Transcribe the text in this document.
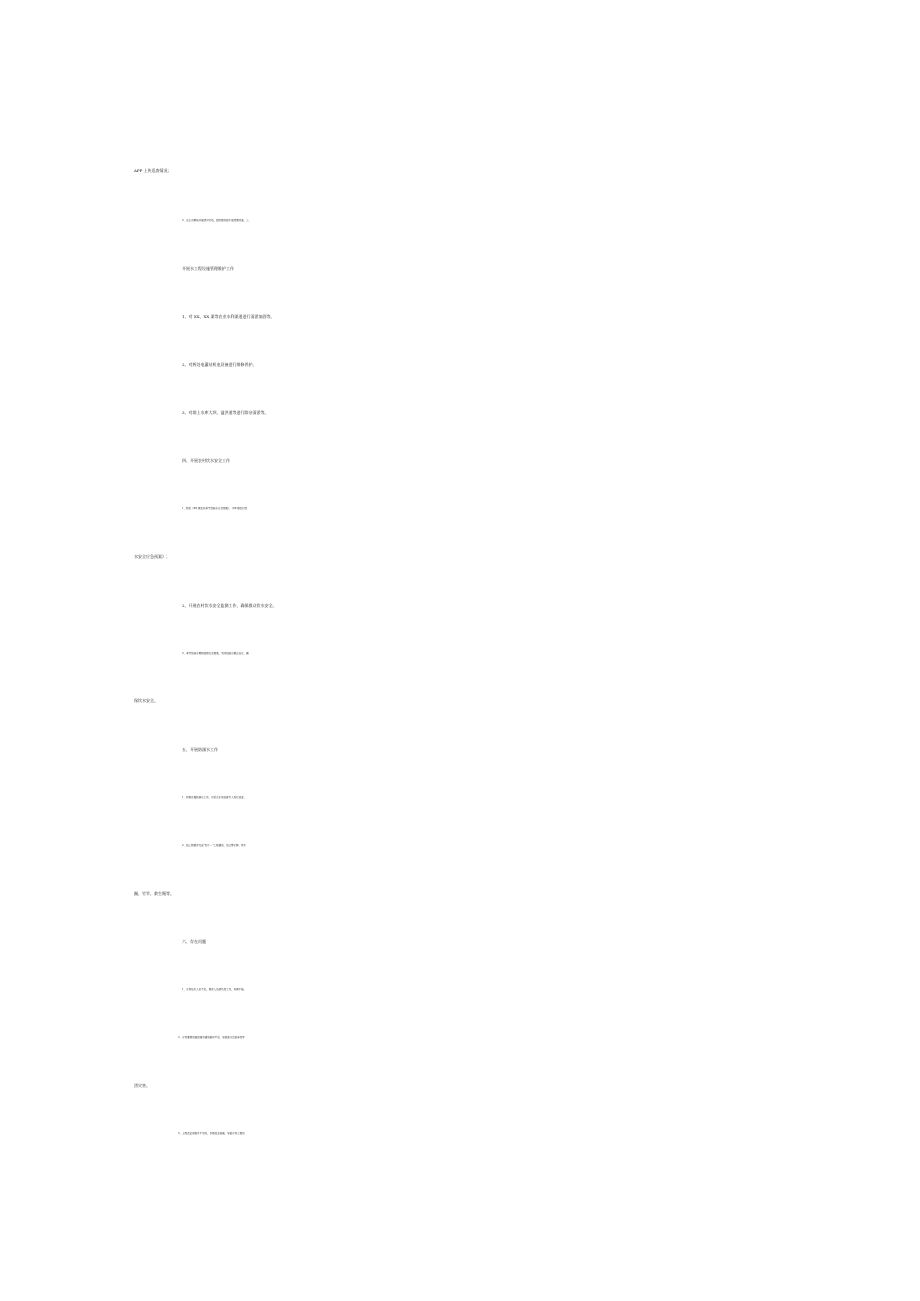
APP 上传巡查情况；

3、在主汛期前开展清河行动，组织镇村组干部清理河道。三、

开展水工程设施管理维护工作

1、对 XX、XX 渠等农业水利渠道进行清淤加固等。

2、对两处电灌站机电设备进行维修养护。

3、对坳上水库大坝、溢洪道等进行除杂清淤等。

四、开展农村饮水安全工作

1、制定《XX 镇农村季节性缺水应急预案》、《XX 镇农村饮

水安全应急预案》；

2、开展农村饮水安全监测工作，确保群众饮水安全。

3、季节性缺水期间按照应急预案，及时给缺水群众送水，确

保饮水安全。

五、开展防溺水工作

1、积极开展防溺水工作，对重点水域安排专人进行巡查。

2、按上级要求完成“四个一”工程建设，设立警示牌、救生

圈、竹竿、救生绳等。

六、存在问题

1、水利技术人员不足，现有人员超负荷工作，青黄不接。

2、水利灌溉设施因城市建设破坏严重，导致部分农田易受旱

涝灾害。

3、上级资金有限且不及时，乡镇资金拮据，导致水利工程设
